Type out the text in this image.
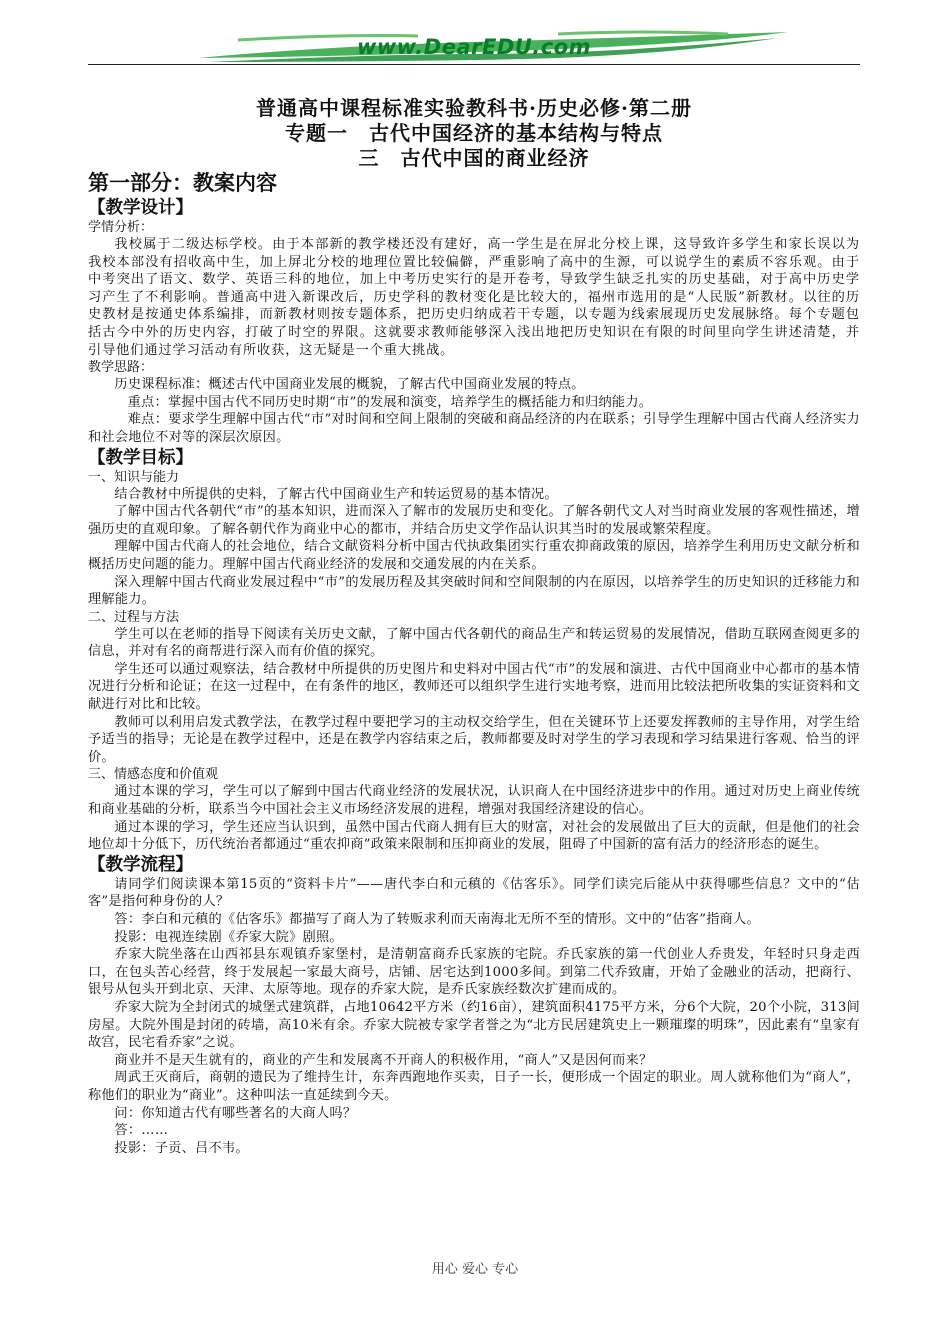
www.DearEDU.com
普通高中课程标准实验教科书·历史必修·第二册
专题一　古代中国经济的基本结构与特点
三　古代中国的商业经济
第一部分：教案内容
【教学设计】
学情分析：

我校属于二级达标学校。由于本部新的教学楼还没有建好，高一学生是在屏北分校上课，这导致许多学生和家长误以为我校本部没有招收高中生，加上屏北分校的地理位置比较偏僻，严重影响了高中的生源，可以说学生的素质不容乐观。由于中考突出了语文、数学、英语三科的地位，加上中考历史实行的是开卷考，导致学生缺乏扎实的历史基础，对于高中历史学习产生了不利影响。普通高中进入新课改后，历史学科的教材变化是比较大的，福州市选用的是“人民版”新教材。以往的历史教材是按通史体系编排，而新教材则按专题体系，把历史归纳成若干专题，以专题为线索展现历史发展脉络。每个专题包括古今中外的历史内容，打破了时空的界限。这就要求教师能够深入浅出地把历史知识在有限的时间里向学生讲述清楚，并引导他们通过学习活动有所收获，这无疑是一个重大挑战。

教学思路：

历史课程标准：概述古代中国商业发展的概貌，了解古代中国商业发展的特点。

重点：掌握中国古代不同历史时期“市”的发展和演变，培养学生的概括能力和归纳能力。

难点：要求学生理解中国古代“市”对时间和空间上限制的突破和商品经济的内在联系；引导学生理解中国古代商人经济实力和社会地位不对等的深层次原因。

【教学目标】
一、知识与能力

结合教材中所提供的史料，了解古代中国商业生产和转运贸易的基本情况。

了解中国古代各朝代“市”的基本知识，进而深入了解市的发展历史和变化。了解各朝代文人对当时商业发展的客观性描述，增强历史的直观印象。了解各朝代作为商业中心的都市，并结合历史文学作品认识其当时的发展或繁荣程度。

理解中国古代商人的社会地位，结合文献资料分析中国古代执政集团实行重农抑商政策的原因，培养学生利用历史文献分析和概括历史问题的能力。理解中国古代商业经济的发展和交通发展的内在关系。

深入理解中国古代商业发展过程中“市”的发展历程及其突破时间和空间限制的内在原因，以培养学生的历史知识的迁移能力和理解能力。

二、过程与方法

学生可以在老师的指导下阅读有关历史文献，了解中国古代各朝代的商品生产和转运贸易的发展情况，借助互联网查阅更多的信息，并对有名的商帮进行深入而有价值的探究。

学生还可以通过观察法，结合教材中所提供的历史图片和史料对中国古代“市”的发展和演进、古代中国商业中心都市的基本情况进行分析和论证；在这一过程中，在有条件的地区，教师还可以组织学生进行实地考察，进而用比较法把所收集的实证资料和文献进行对比和比较。

教师可以利用启发式教学法，在教学过程中要把学习的主动权交给学生，但在关键环节上还要发挥教师的主导作用，对学生给予适当的指导；无论是在教学过程中，还是在教学内容结束之后，教师都要及时对学生的学习表现和学习结果进行客观、恰当的评价。

三、情感态度和价值观

通过本课的学习，学生可以了解到中国古代商业经济的发展状况，认识商人在中国经济进步中的作用。通过对历史上商业传统和商业基础的分析，联系当今中国社会主义市场经济发展的进程，增强对我国经济建设的信心。

通过本课的学习，学生还应当认识到，虽然中国古代商人拥有巨大的财富，对社会的发展做出了巨大的贡献，但是他们的社会地位却十分低下，历代统治者都通过“重农抑商”政策来限制和压抑商业的发展，阻碍了中国新的富有活力的经济形态的诞生。

【教学流程】

请同学们阅读课本第15页的“资料卡片”——唐代李白和元稹的《估客乐》。同学们读完后能从中获得哪些信息？文中的“估客”是指何种身份的人？

答：李白和元稹的《估客乐》都描写了商人为了转贩求利而天南海北无所不至的情形。文中的“估客”指商人。

投影：电视连续剧《乔家大院》剧照。

乔家大院坐落在山西祁县东观镇乔家堡村，是清朝富商乔氏家族的宅院。乔氏家族的第一代创业人乔贵发，年轻时只身走西口，在包头苦心经营，终于发展起一家最大商号，店铺、居宅达到1000多间。到第二代乔致庸，开始了金融业的活动，把商行、银号从包头开到北京、天津、太原等地。现存的乔家大院，是乔氏家族经数次扩建而成的。

乔家大院为全封闭式的城堡式建筑群，占地10642平方米（约16亩），建筑面积4175平方米，分6个大院，20个小院，313间房屋。大院外围是封闭的砖墙，高10米有余。乔家大院被专家学者誉之为“北方民居建筑史上一颗璀璨的明珠”，因此素有“皇家有故宫，民宅看乔家”之说。

商业并不是天生就有的，商业的产生和发展离不开商人的积极作用，“商人”又是因何而来？

周武王灭商后，商朝的遗民为了维持生计，东奔西跑地作买卖，日子一长，便形成一个固定的职业。周人就称他们为“商人”，称他们的职业为“商业”。这种叫法一直延续到今天。

问：你知道古代有哪些著名的大商人吗？

答：……

投影：子贡、吕不韦。

用心 爱心 专心
